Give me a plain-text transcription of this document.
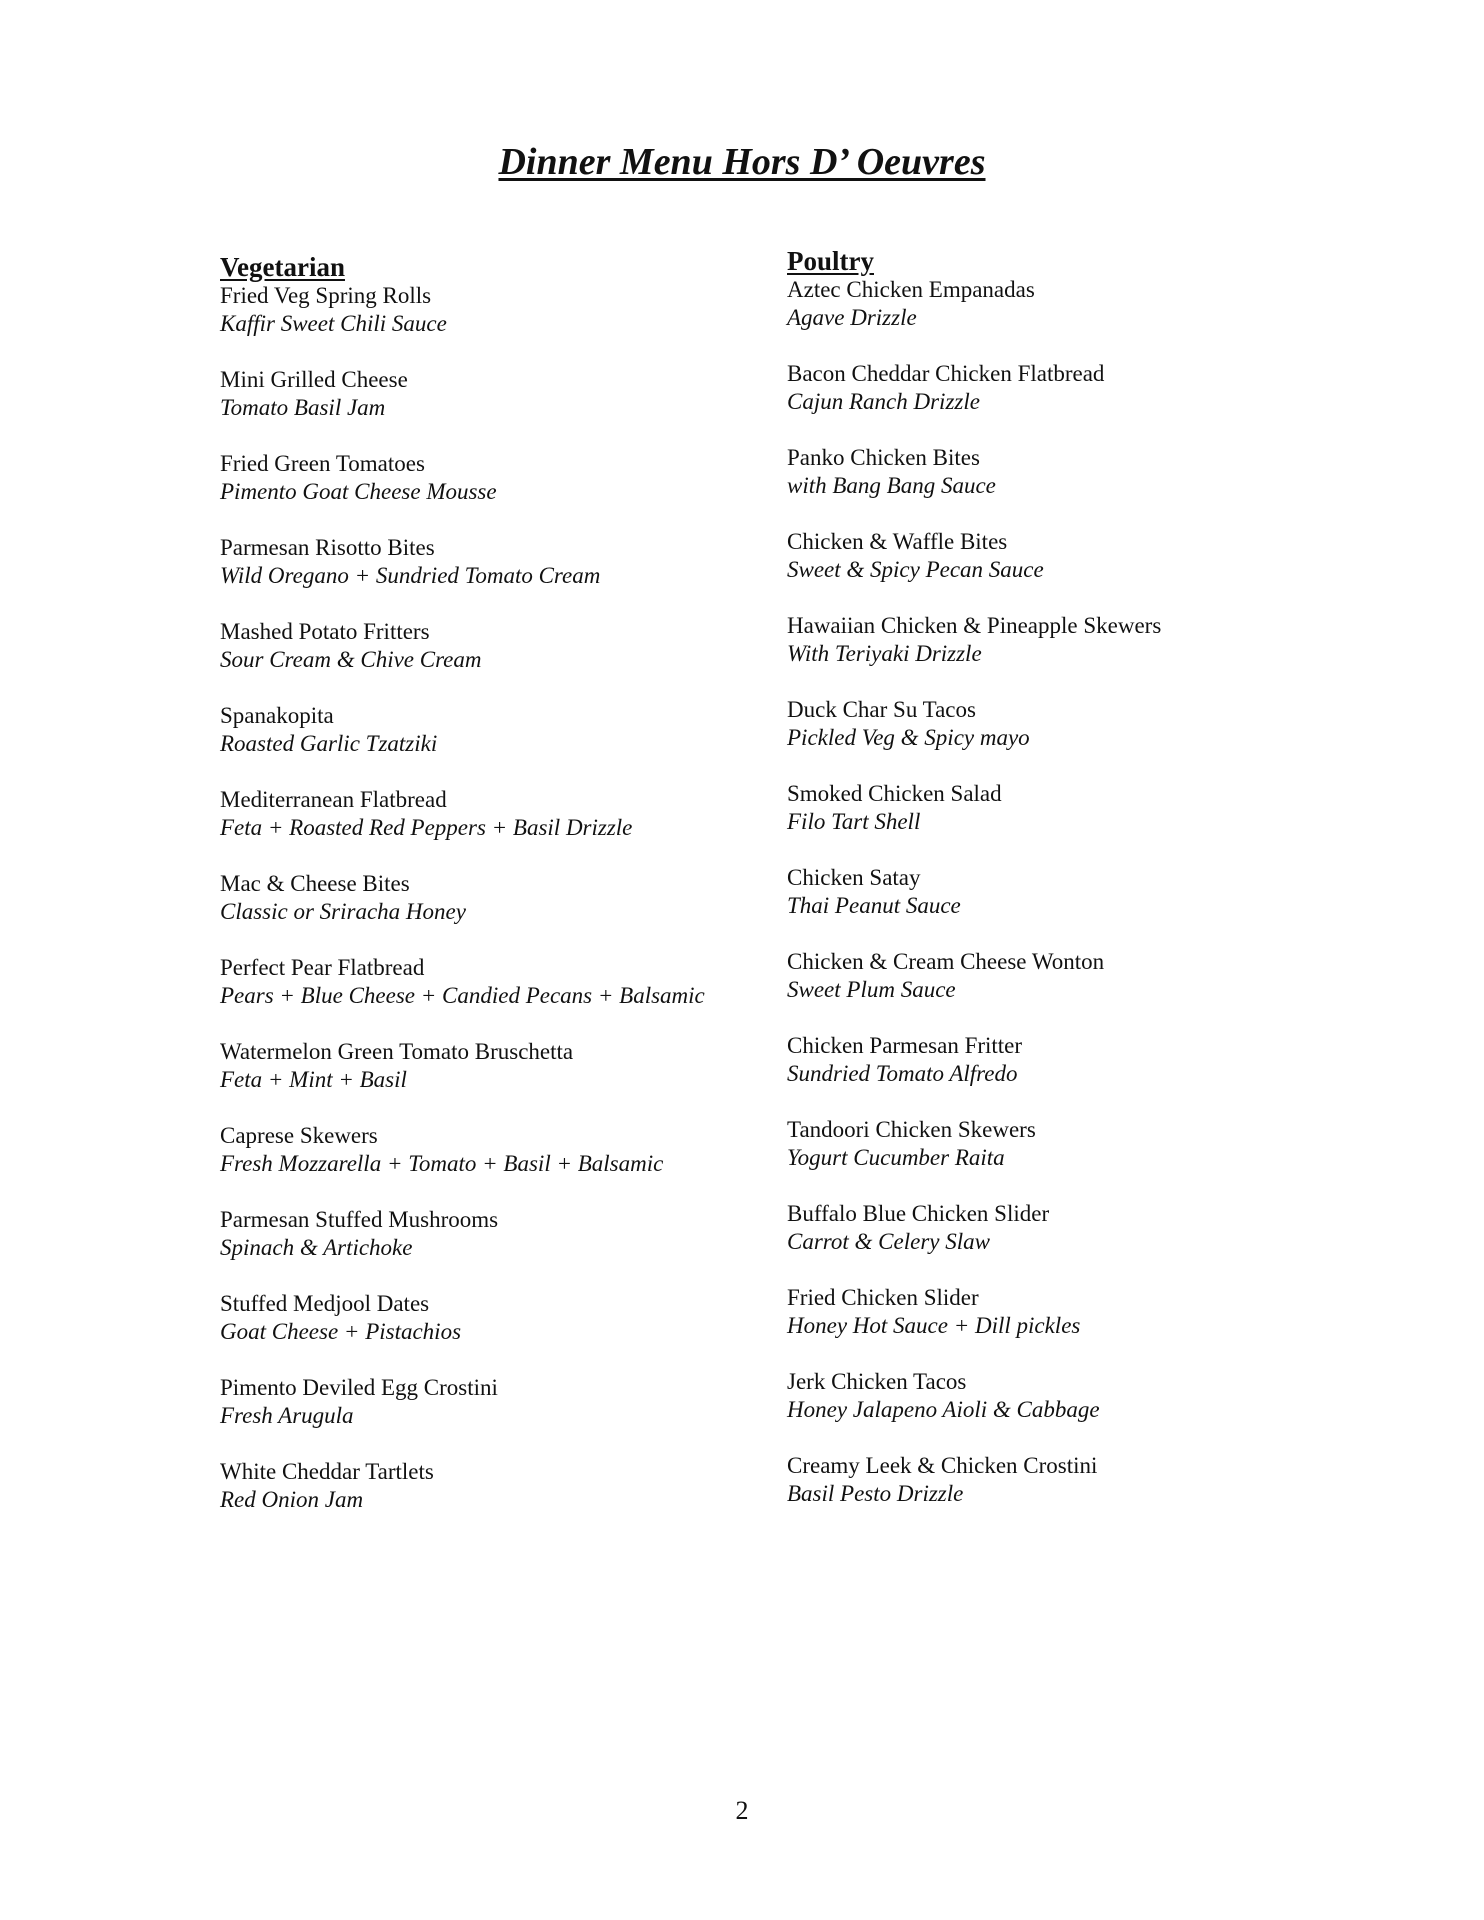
Dinner Menu Hors D’ Oeuvres
Vegetarian
Fried Veg Spring Rolls
Kaffir Sweet Chili Sauce
Mini Grilled Cheese
Tomato Basil Jam
Fried Green Tomatoes
Pimento Goat Cheese Mousse
Parmesan Risotto Bites
Wild Oregano + Sundried Tomato Cream
Mashed Potato Fritters
Sour Cream & Chive Cream
Spanakopita
Roasted Garlic Tzatziki
Mediterranean Flatbread
Feta + Roasted Red Peppers + Basil Drizzle
Mac & Cheese Bites
Classic or Sriracha Honey
Perfect Pear Flatbread
Pears + Blue Cheese + Candied Pecans + Balsamic
Watermelon Green Tomato Bruschetta
Feta + Mint + Basil
Caprese Skewers
Fresh Mozzarella + Tomato + Basil + Balsamic
Parmesan Stuffed Mushrooms
Spinach & Artichoke
Stuffed Medjool Dates
Goat Cheese + Pistachios
Pimento Deviled Egg Crostini
Fresh Arugula
White Cheddar Tartlets
Red Onion Jam
Poultry
Aztec Chicken Empanadas
Agave Drizzle
Bacon Cheddar Chicken Flatbread
Cajun Ranch Drizzle
Panko Chicken Bites
with Bang Bang Sauce
Chicken & Waffle Bites
Sweet & Spicy Pecan Sauce
Hawaiian Chicken & Pineapple Skewers
With Teriyaki Drizzle
Duck Char Su Tacos
Pickled Veg & Spicy mayo
Smoked Chicken Salad
Filo Tart Shell
Chicken Satay
Thai Peanut Sauce
Chicken & Cream Cheese Wonton
Sweet Plum Sauce
Chicken Parmesan Fritter
Sundried Tomato Alfredo
Tandoori Chicken Skewers
Yogurt Cucumber Raita
Buffalo Blue Chicken Slider
Carrot & Celery Slaw
Fried Chicken Slider
Honey Hot Sauce + Dill pickles
Jerk Chicken Tacos
Honey Jalapeno Aioli & Cabbage
Creamy Leek & Chicken Crostini
Basil Pesto Drizzle
2
